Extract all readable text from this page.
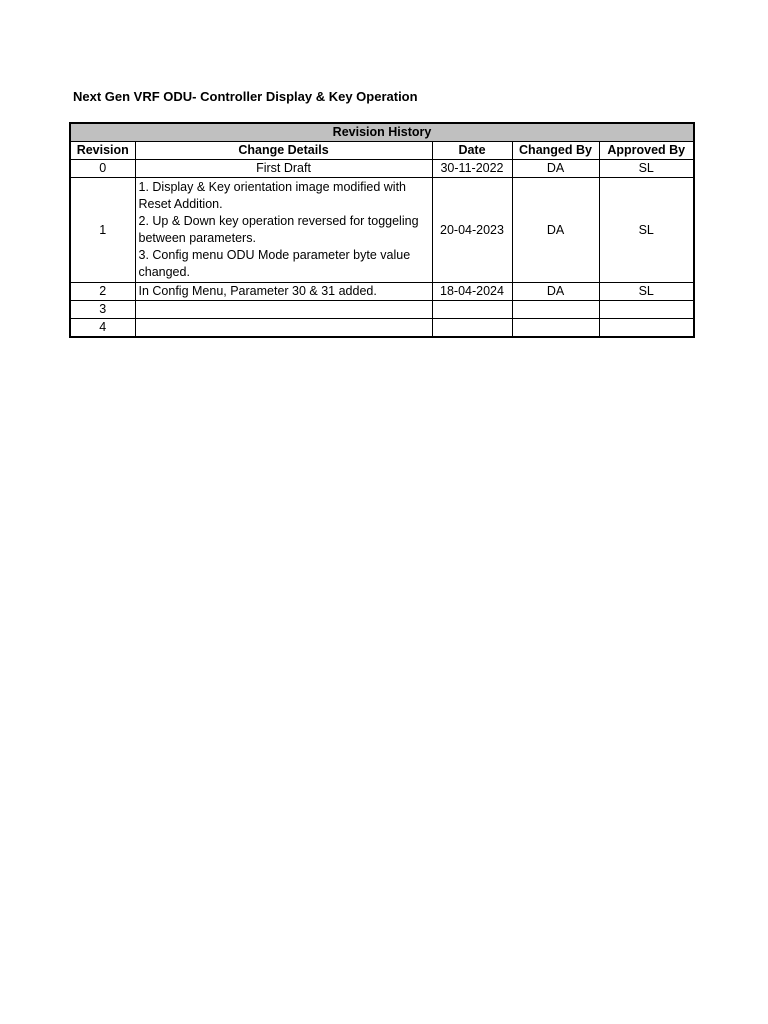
Next Gen VRF ODU- Controller Display & Key Operation
Revision History				
Revision	Change Details	Date	Changed By	Approved By
0	First Draft	30-11-2022	DA	SL
1	1. Display & Key orientation image modified with Reset Addition.
2. Up & Down key operation reversed for toggeling between parameters.
3. Config menu ODU Mode parameter byte value changed.	20-04-2023	DA	SL
2	In Config Menu, Parameter 30 & 31 added.	18-04-2024	DA	SL
3				
4				
